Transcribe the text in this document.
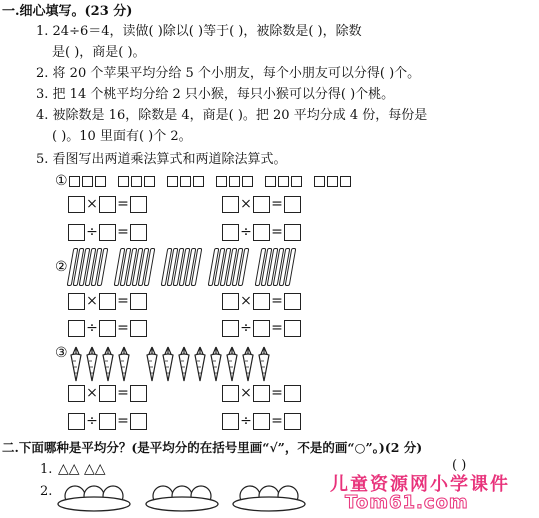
一.细心填写。(23 分)
1. 24÷6＝4，读做( )除以( )等于( )，被除数是( )，除数
是( )，商是( )。
2. 将 20 个苹果平均分给 5 个小朋友，每个小朋友可以分得( )个。
3. 把 14 个桃平均分给 2 只小猴，每只小猴可以分得( )个桃。
4. 被除数是 16，除数是 4，商是( )。把 20 平均分成 4 份，每份是
( )。10 里面有( )个 2。
5. 看图写出两道乘法算式和两道除法算式。
①
× =	× =
÷ =	÷ =
②
× =	× =
÷ =	÷ =
③
× =	× =
÷ =	÷ =
二.下面哪种是平均分？(是平均分的在括号里画“√”，不是的画“○”。)(2 分)
1. △△ △△	( )
2.	儿童资源网小学课件
Tom61.com
